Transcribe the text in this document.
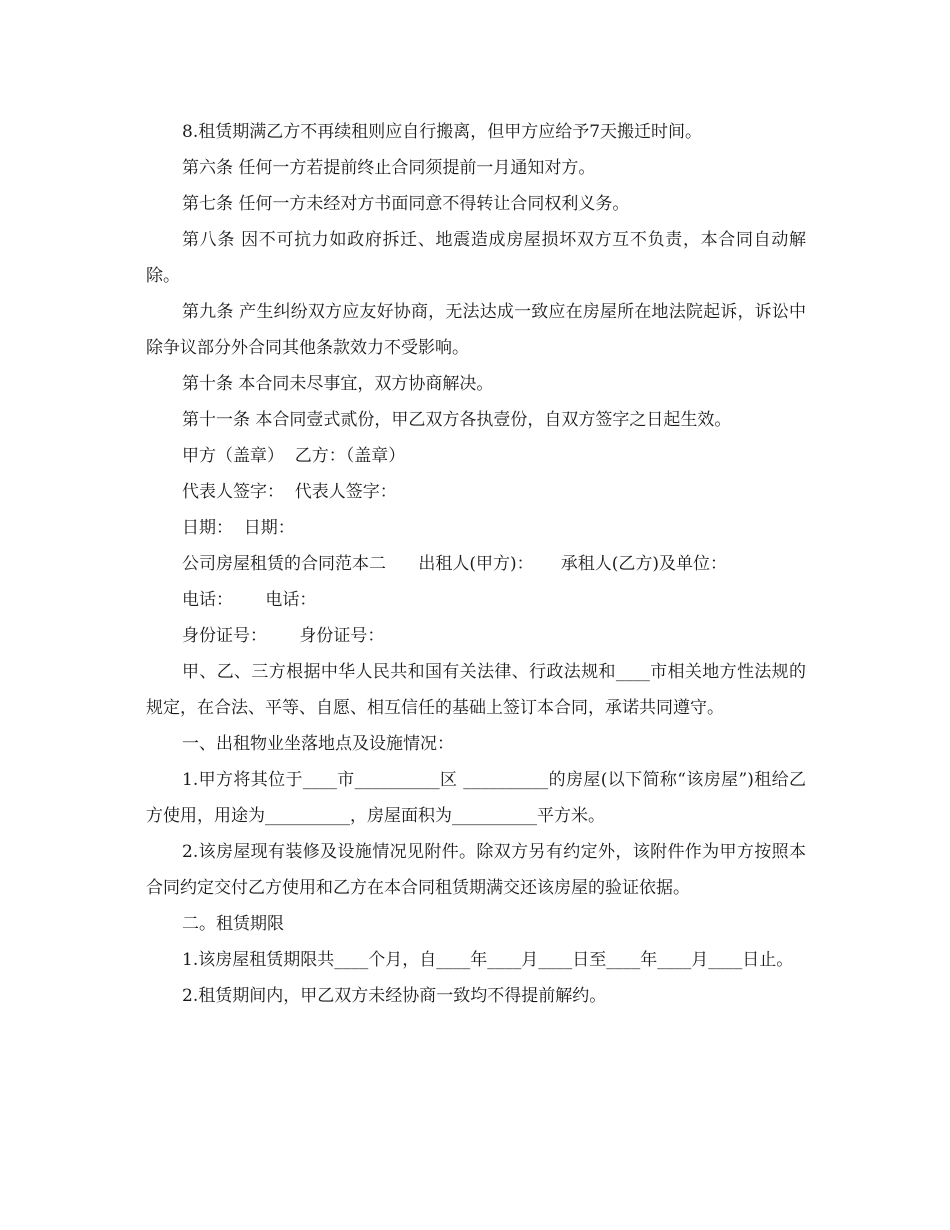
8.租赁期满乙方不再续租则应自行搬离，但甲方应给予7天搬迁时间。

第六条 任何一方若提前终止合同须提前一月通知对方。

第七条 任何一方未经对方书面同意不得转让合同权利义务。

第八条 因不可抗力如政府拆迁、地震造成房屋损坏双方互不负责，本合同自动解除。

第九条 产生纠纷双方应友好协商，无法达成一致应在房屋所在地法院起诉，诉讼中除争议部分外合同其他条款效力不受影响。

第十条 本合同未尽事宜，双方协商解决。

第十一条 本合同壹式贰份，甲乙双方各执壹份，自双方签字之日起生效。

甲方（盖章）  乙方：（盖章）

代表人签字：  代表人签字：

日期：  日期：

公司房屋租赁的合同范本二      出租人(甲方)：     承租人(乙方)及单位：

电话：      电话：

身份证号：      身份证号：

甲、乙、三方根据中华人民共和国有关法律、行政法规和____市相关地方性法规的规定，在合法、平等、自愿、相互信任的基础上签订本合同，承诺共同遵守。

一、出租物业坐落地点及设施情况：

1.甲方将其位于____市__________区 __________的房屋(以下简称“该房屋”)租给乙方使用，用途为__________，房屋面积为__________平方米。

2.该房屋现有装修及设施情况见附件。除双方另有约定外，该附件作为甲方按照本合同约定交付乙方使用和乙方在本合同租赁期满交还该房屋的验证依据。

二。租赁期限

1.该房屋租赁期限共____个月，自____年____月____日至____年____月____日止。

2.租赁期间内，甲乙双方未经协商一致均不得提前解约。
